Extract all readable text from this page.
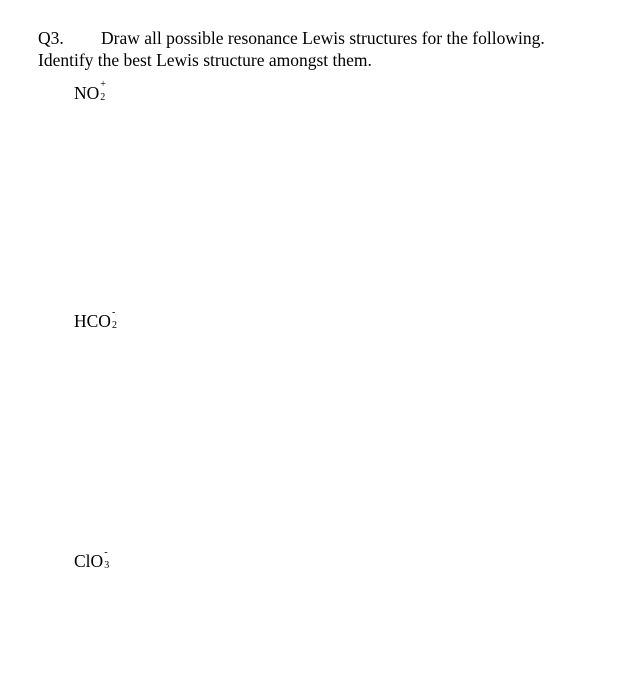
Q3. Draw all possible resonance Lewis structures for the following.
Identify the best Lewis structure amongst them.
NO +
2
HCO -
2
ClO -
3
